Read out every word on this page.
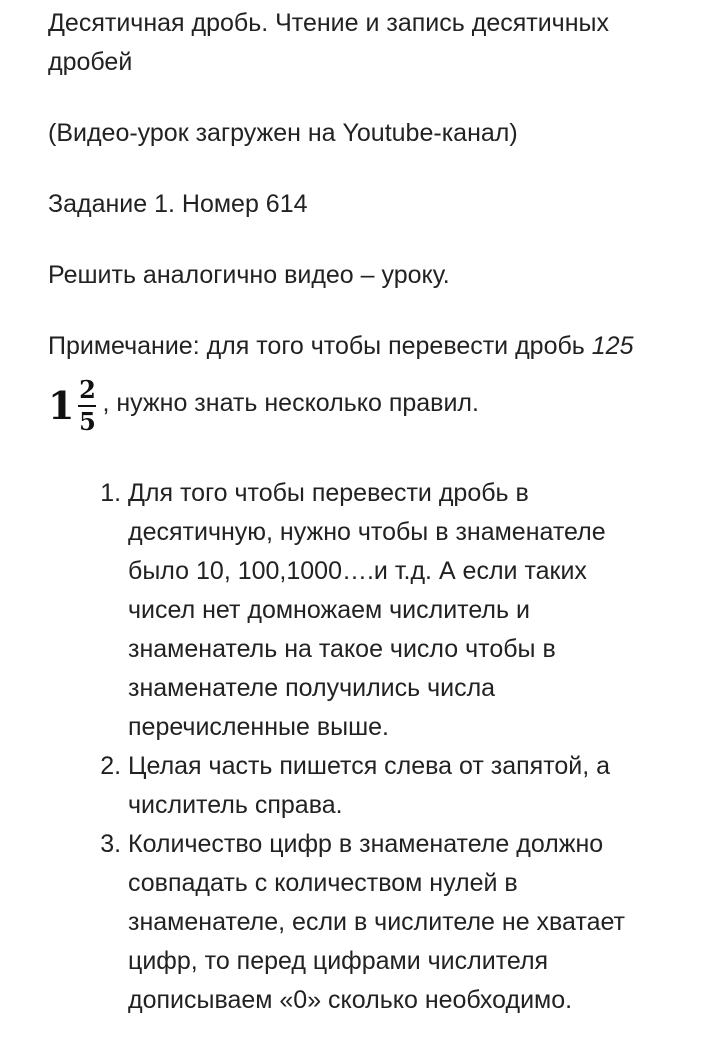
Десятичная дробь. Чтение и запись десятичных дробей

(Видео-урок загружен на Youtube-канал)

Задание 1. Номер 614

Решить аналогично видео – уроку.

Примечание: для того чтобы перевести дробь 125

1 2
5
, нужно знать несколько правил.
1. Для того чтобы перевести дробь в десятичную, нужно чтобы в знаменателе было 10, 100,1000….и т.д. А если таких чисел нет домножаем числитель и знаменатель на такое число чтобы в знаменателе получились числа перечисленные выше.
2. Целая часть пишется слева от запятой, а числитель справа.
3. Количество цифр в знаменателе должно совпадать с количеством нулей в знаменателе, если в числителе не хватает цифр, то перед цифрами числителя дописываем «0» сколько необходимо.
